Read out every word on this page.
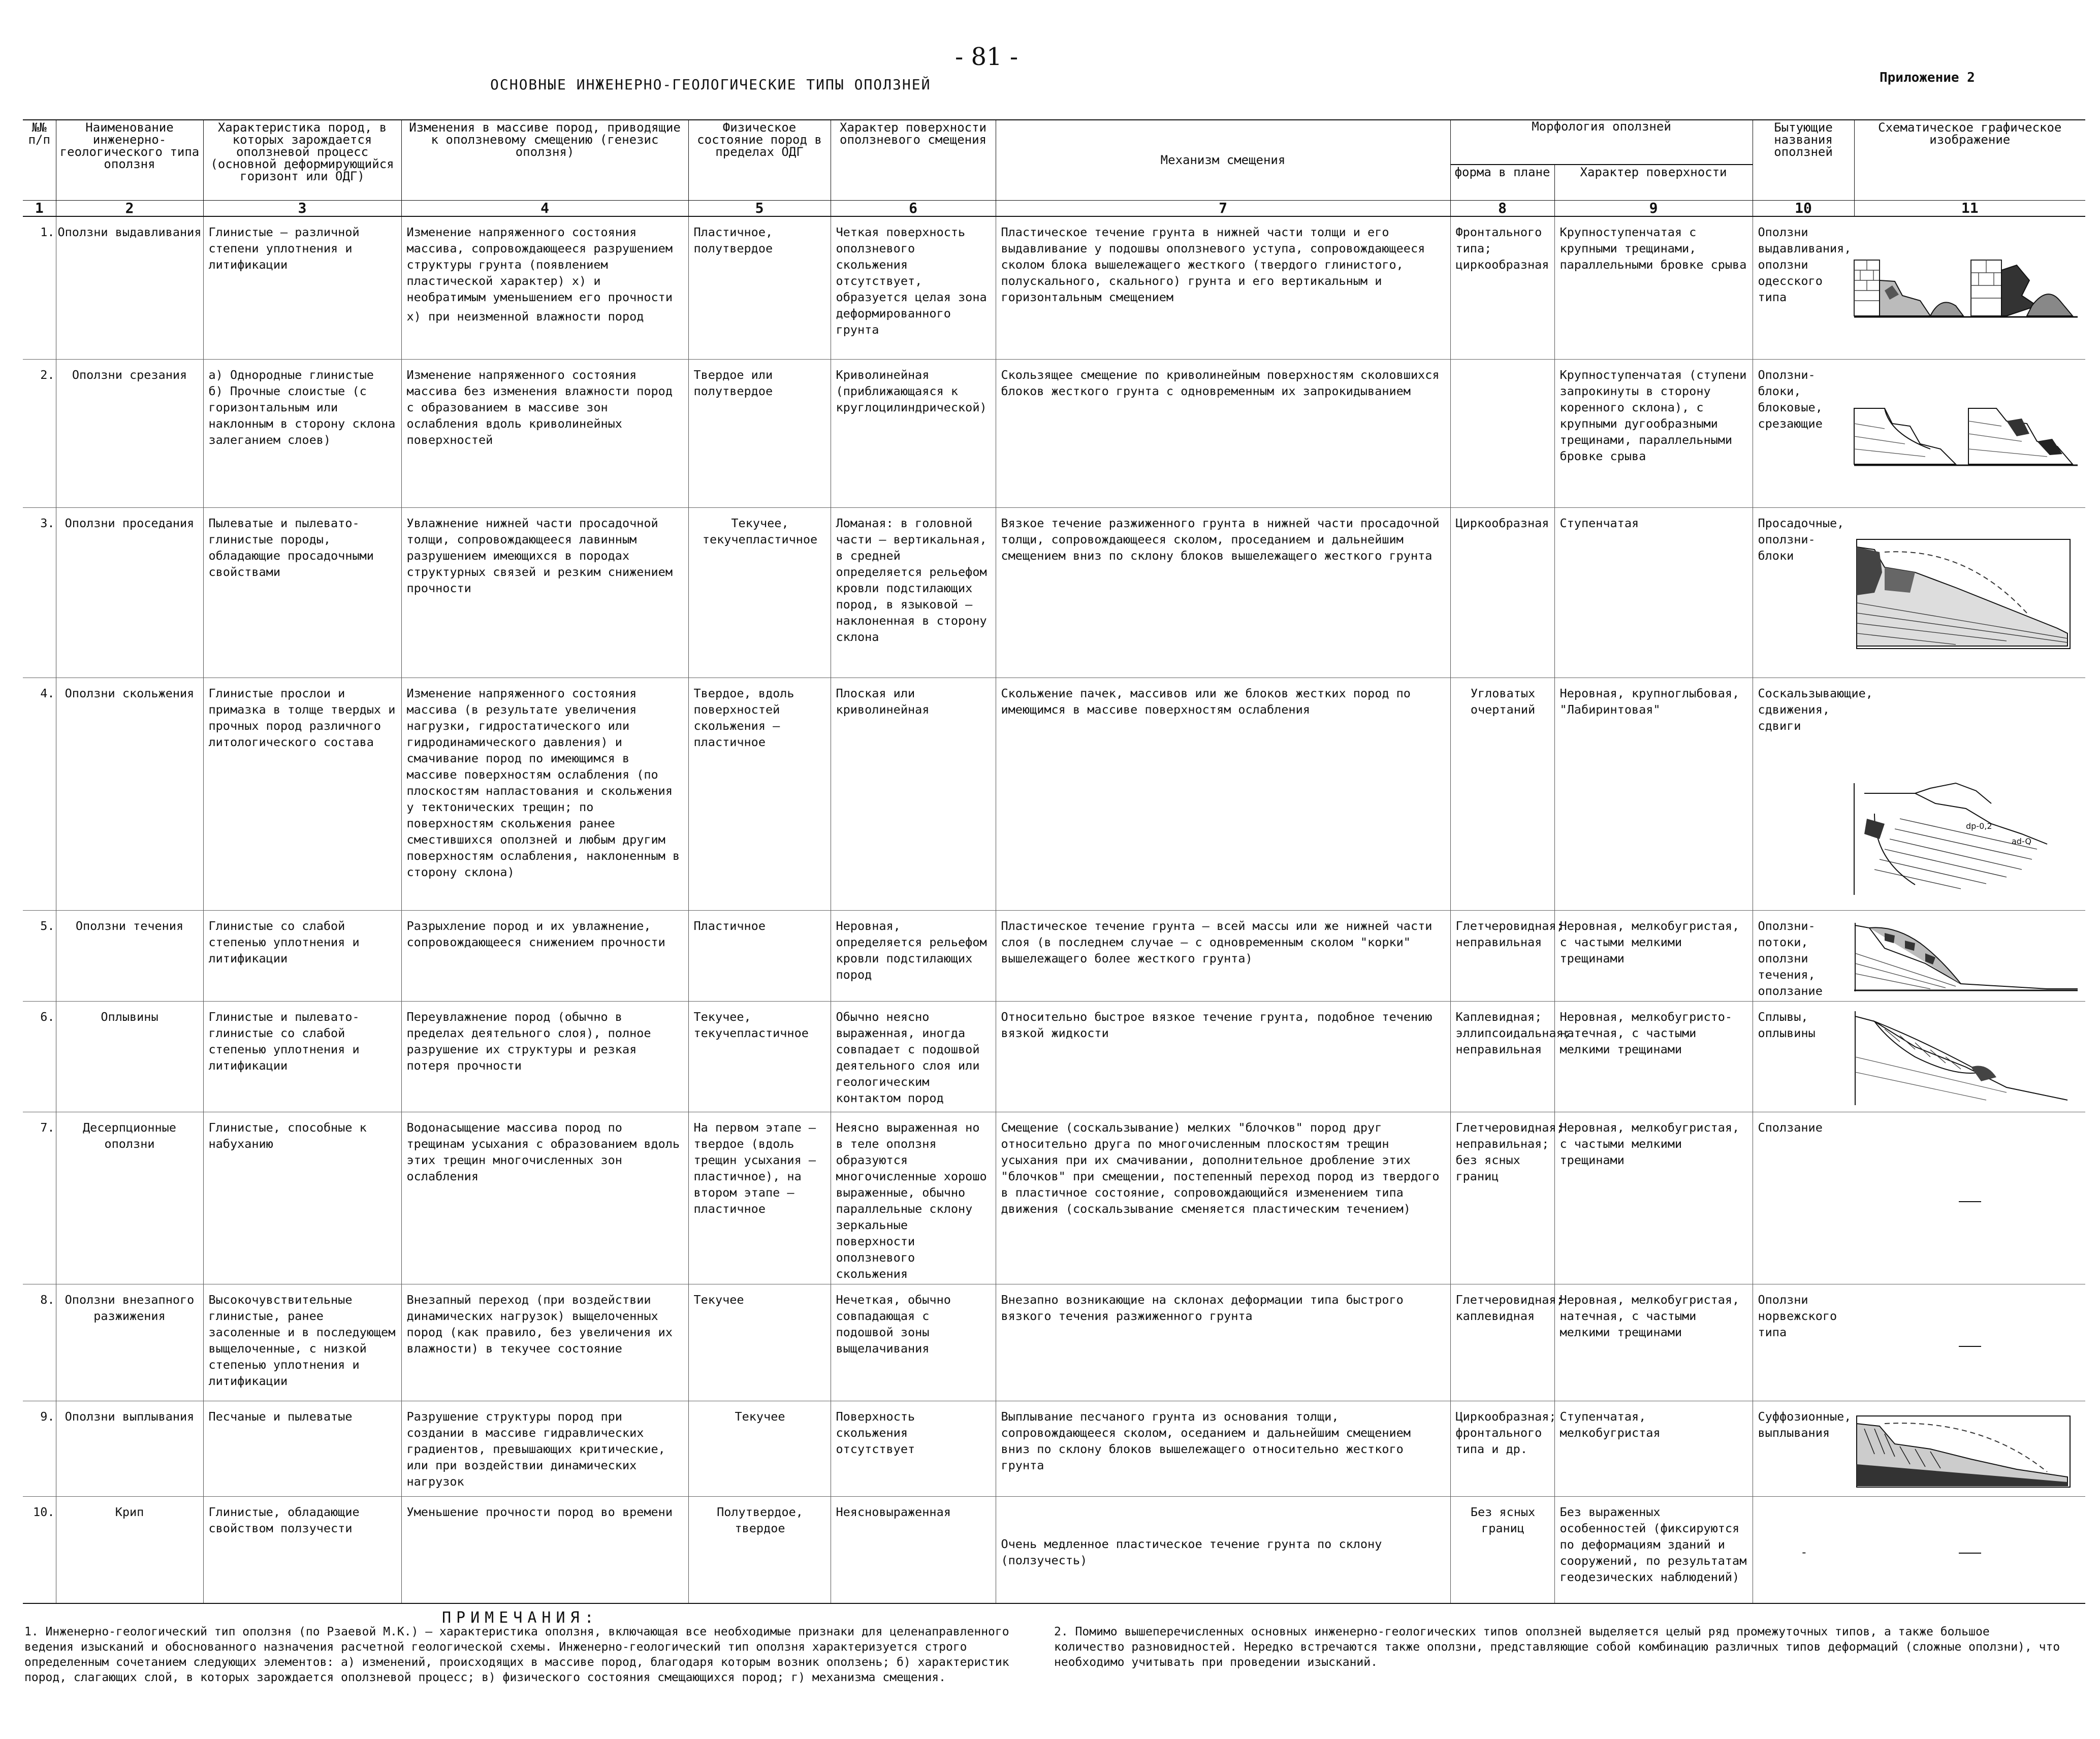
- 81 -
ОСНОВНЫЕ ИНЖЕНЕРНО-ГЕОЛОГИЧЕСКИЕ ТИПЫ ОПОЛЗНЕЙ	Приложение 2
№№ п/п	Наименование инженерно-геологического типа оползня	Характеристика пород, в которых зарождается оползневой процесс (основной деформирующийся горизонт или ОДГ)	Изменения в массиве пород, приводящие к оползневому смещению (генезис оползня)	Физическое состояние пород в пределах ОДГ	Характер поверхности оползневого смещения	Механизм смещения	Морфология оползней		Бытующие названия оползней	Схематическое графическое изображение
							форма в плане	Характер поверхности		
1	2	3	4	5	6	7	8	9	10	11
1.	Оползни выдавливания	Глинистые – различной степени уплотнения и литификации	Изменение напряженного состояния массива, сопровождающееся разрушением структуры грунта (появлением пластической характер) x) и необратимым уменьшением его прочности
x) при неизменной влажности пород	Пластичное, полутвердое	Четкая поверхность оползневого скольжения отсутствует, образуется целая зона деформированного грунта	Пластическое течение грунта в нижней части толщи и его выдавливание у подошвы оползневого уступа, сопровождающееся сколом блока вышележащего жесткого (твердого глинистого, полускального, скального) грунта и его вертикальным и горизонтальным смещением	Фронтального типа; циркообразная	Крупноступенчатая с крупными трещинами, параллельными бровке срыва	Оползни выдавливания, оползни одесского типа	

2.	Оползни срезания	а) Однородные глинистые
б) Прочные слоистые (с горизонтальным или наклонным в сторону склона залеганием слоев)	Изменение напряженного состояния массива без изменения влажности пород с образованием в массиве зон ослабления вдоль криволинейных поверхностей	Твердое или полутвердое	Криволинейная (приближающаяся к круглоцилиндрической)	Скользящее смещение по криволинейным поверхностям сколовшихся блоков жесткого грунта с одновременным их запрокидыванием		Крупноступенчатая (ступени запрокинуты в сторону коренного склона), с крупными дугообразными трещинами, параллельными бровке срыва	Оползни-блоки, блоковые, срезающие	

3.	Оползни проседания	Пылеватые и пылевато-глинистые породы, обладающие просадочными свойствами	Увлажнение нижней части просадочной толщи, сопровождающееся лавинным разрушением имеющихся в породах структурных связей и резким снижением прочности	Текучее, текучепластичное	Ломаная: в головной части – вертикальная, в средней определяется рельефом кровли подстилающих пород, в языковой – наклоненная в сторону склона	Вязкое течение разжиженного грунта в нижней части просадочной толщи, сопровождающееся сколом, проседанием и дальнейшим смещением вниз по склону блоков вышележащего жесткого грунта	Циркообразная	Ступенчатая	Просадочные, оползни-блоки	

4.	Оползни скольжения	Глинистые прослои и примазка в толще твердых и прочных пород различного литологического состава	Изменение напряженного состояния массива (в результате увеличения нагрузки, гидростатического или гидродинамического давления) и смачивание пород по имеющимся в массиве поверхностям ослабления (по плоскостям напластования и скольжения у тектонических трещин; по поверхностям скольжения ранее сместившихся оползней и любым другим поверхностям ослабления, наклоненным в сторону склона)	Твердое, вдоль поверхностей скольжения – пластичное	Плоская или криволинейная	Скольжение пачек, массивов или же блоков жестких пород по имеющимся в массиве поверхностям ослабления	Угловатых очертаний	Неровная, крупноглыбовая, "Лабиринтовая"	Соскальзывающие, сдвижения, сдвиги	dp-0,2
ad-Q

5.	Оползни течения	Глинистые со слабой степенью уплотнения и литификации	Разрыхление пород и их увлажнение, сопровождающееся снижением прочности	Пластичное	Неровная, определяется рельефом кровли подстилающих пород	Пластическое течение грунта – всей массы или же нижней части слоя (в последнем случае – с одновременным сколом "корки" вышележащего более жесткого грунта)	Глетчеровидная; неправильная	Неровная, мелкобугристая, с частыми мелкими трещинами	Оползни-потоки, оползни течения, оползание	

6.	Оплывины	Глинистые и пылевато-глинистые со слабой степенью уплотнения и литификации	Переувлажнение пород (обычно в пределах деятельного слоя), полное разрушение их структуры и резкая потеря прочности	Текучее, текучепластичное	Обычно неясно выраженная, иногда совпадает с подошвой деятельного слоя или геологическим контактом пород	Относительно быстрое вязкое течение грунта, подобное течению вязкой жидкости	Каплевидная; эллипсоидальная; неправильная	Неровная, мелкобугристо-натечная, с частыми мелкими трещинами	Сплывы, оплывины	

7.	Десерпционные оползни	Глинистые, способные к набуханию	Водонасыщение массива пород по трещинам усыхания с образованием вдоль этих трещин многочисленных зон ослабления	На первом этапе – твердое (вдоль трещин усыхания – пластичное), на втором этапе – пластичное	Неясно выраженная но в теле оползня образуются многочисленные хорошо выраженные, обычно параллельные склону зеркальные поверхности оползневого скольжения	Смещение (соскальзывание) мелких "блочков" пород друг относительно друга по многочисленным плоскостям трещин усыхания при их смачивании, дополнительное дробление этих "блочков" при смещении, постепенный переход пород из твердого в пластичное состояние, сопровождающийся изменением типа движения (соскальзывание сменяется пластическим течением)	Глетчеровидная; неправильная; без ясных границ	Неровная, мелкобугристая, с частыми мелкими трещинами	Сползание	
8.	Оползни внезапного разжижения	Высокочувствительные глинистые, ранее засоленные и в последующем выщелоченные, с низкой степенью уплотнения и литификации	Внезапный переход (при воздействии динамических нагрузок) выщелоченных пород (как правило, без увеличения их влажности) в текучее состояние	Текучее	Нечеткая, обычно совпадающая с подошвой зоны выщелачивания	Внезапно возникающие на склонах деформации типа быстрого вязкого течения разжиженного грунта	Глетчеровидная; каплевидная	Неровная, мелкобугристая, натечная, с частыми мелкими трещинами	Оползни норвежского типа	
9.	Оползни выплывания	Песчаные и пылеватые	Разрушение структуры пород при создании в массиве гидравлических градиентов, превышающих критические, или при воздействии динамических нагрузок	Текучее	Поверхность скольжения отсутствует	Выплывание песчаного грунта из основания толщи, сопровождающееся сколом, оседанием и дальнейшим смещением вниз по склону блоков вышележащего относительно жесткого грунта	Циркообразная; фронтального типа и др.	Ступенчатая, мелкобугристая	Суффозионные, выплывания	

10.	Крип	Глинистые, обладающие свойством ползучести	Уменьшение прочности пород во времени	Полутвердое, твердое	Неясновыраженная	Очень медленное пластическое течение грунта по склону (ползучесть)	Без ясных границ	Без выраженных особенностей (фиксируются по деформациям зданий и сооружений, по результатам геодезических наблюдений)	-	
ПРИМЕЧАНИЯ:
1. Инженерно-геологический тип оползня (по Рзаевой М.К.) – характеристика оползня, включающая все необходимые признаки для целенаправленного ведения изысканий и обоснованного назначения расчетной геологической схемы. Инженерно-геологический тип оползня характеризуется строго определенным сочетанием следующих элементов: а) изменений, происходящих в массиве пород, благодаря которым возник оползень; б) характеристик пород, слагающих слой, в которых зарождается оползневой процесс; в) физического состояния смещающихся пород; г) механизма смещения.
2. Помимо вышеперечисленных основных инженерно-геологических типов оползней выделяется целый ряд промежуточных типов, а также большое количество разновидностей. Нередко встречаются также оползни, представляющие собой комбинацию различных типов деформаций (сложные оползни), что необходимо учитывать при проведении изысканий.
